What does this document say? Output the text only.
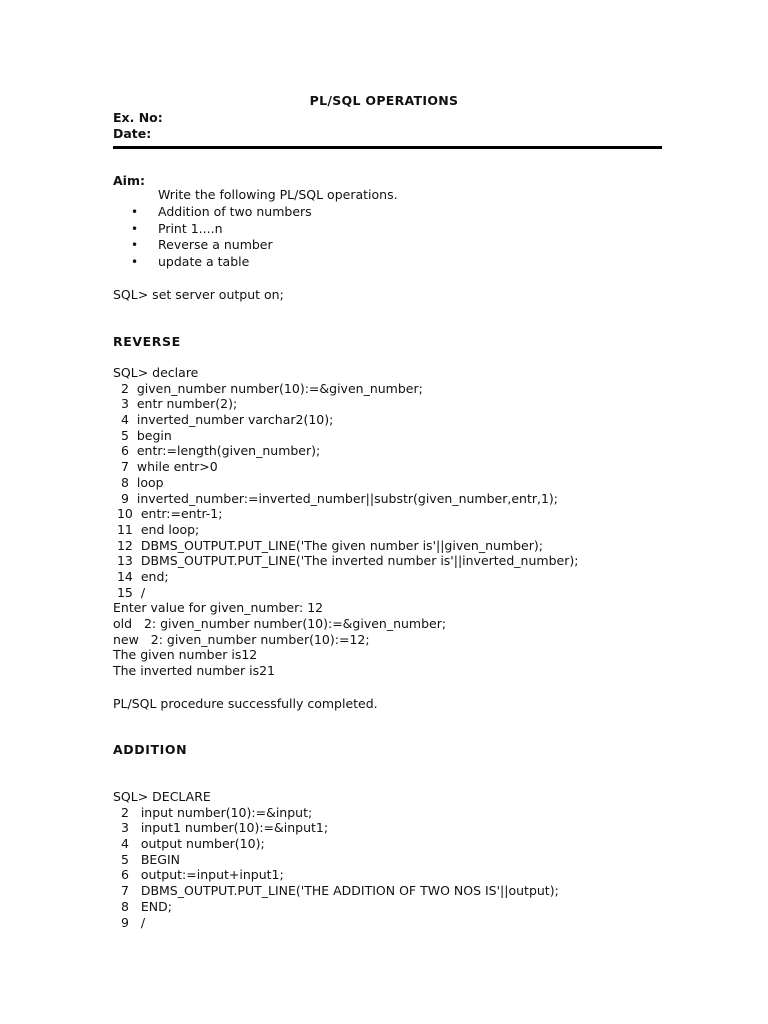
PL/SQL OPERATIONS
Ex. No:
Date:
Aim:
Write the following PL/SQL operations.
• Addition of two numbers
• Print 1....n
• Reverse a number
• update a table
SQL> set server output on;
REVERSE
SQL> declare
2  given_number number(10):=&given_number;
3  entr number(2);
4  inverted_number varchar2(10);
5  begin
6  entr:=length(given_number);
7  while entr>0
8  loop
9  inverted_number:=inverted_number||substr(given_number,entr,1);
10  entr:=entr-1;
11  end loop;
12  DBMS_OUTPUT.PUT_LINE('The given number is'||given_number);
13  DBMS_OUTPUT.PUT_LINE('The inverted number is'||inverted_number);
14  end;
15  /
Enter value for given_number: 12
old   2: given_number number(10):=&given_number;
new   2: given_number number(10):=12;
The given number is12
The inverted number is21
PL/SQL procedure successfully completed.
ADDITION
SQL> DECLARE
2   input number(10):=&input;
3   input1 number(10):=&input1;
4   output number(10);
5   BEGIN
6   output:=input+input1;
7   DBMS_OUTPUT.PUT_LINE('THE ADDITION OF TWO NOS IS'||output);
8   END;
9   /
